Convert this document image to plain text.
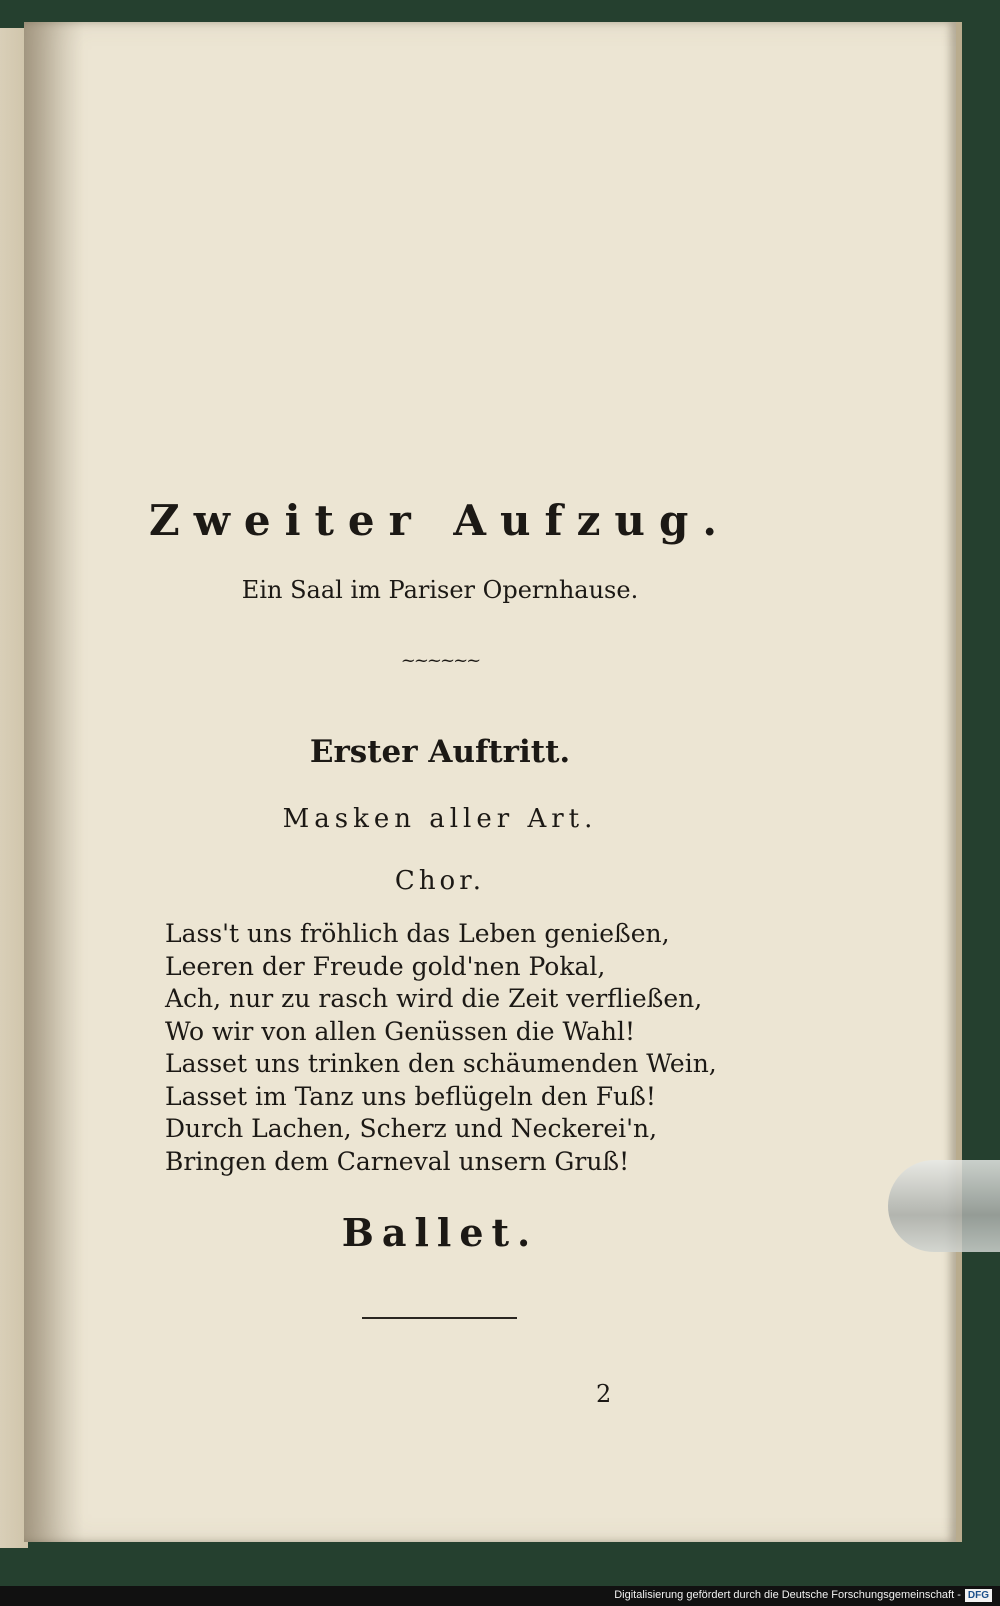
Zweiter Aufzug.
Ein Saal im Pariser Opernhause.
~~~~~~
Erster Auftritt.
Masken aller Art.
Chor.
Lass't uns fröhlich das Leben genießen,
Leeren der Freude gold'nen Pokal,
Ach, nur zu rasch wird die Zeit verfließen,
Wo wir von allen Genüssen die Wahl!
Lasset uns trinken den schäumenden Wein,
Lasset im Tanz uns beflügeln den Fuß!
Durch Lachen, Scherz und Neckerei'n,
Bringen dem Carneval unsern Gruß!
Ballet.
2
Digitalisierung gefördert durch die Deutsche Forschungsgemeinschaft - DFG
